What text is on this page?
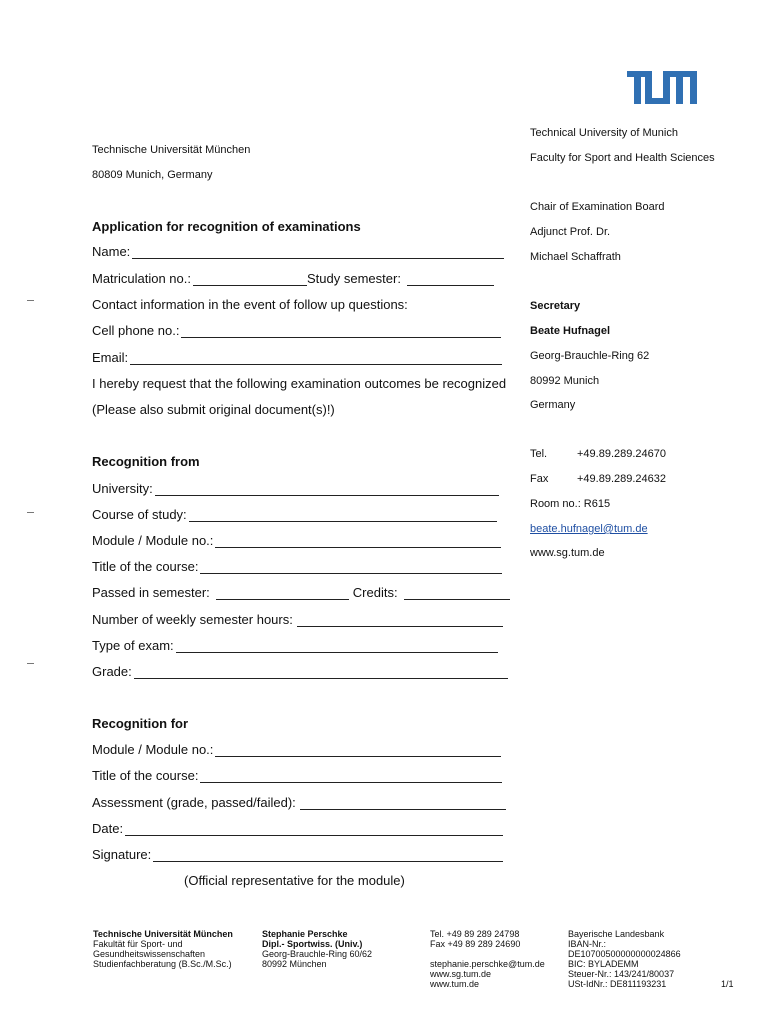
Technische Universität München
80809 Munich, Germany
Technical University of Munich
Faculty for Sport and Health Sciences
Chair of Examination Board
Adjunct Prof. Dr.
Michael Schaffrath
Secretary
Beate Hufnagel
Georg-Brauchle-Ring 62
80992 Munich
Germany
Tel.	+49.89.289.24670
Fax	+49.89.289.24632
Room no.: R615
beate.hufnagel@tum.de
www.sg.tum.de
Application for recognition of examinations
Name:
Matriculation no.:	Study semester:
Contact information in the event of follow up questions:
Cell phone no.:
Email:
I hereby request that the following examination outcomes be recognized
(Please also submit original document(s)!)
Recognition from
University:
Course of study:
Module / Module no.:
Title of the course:
Passed in semester:	Credits:
Number of weekly semester hours:
Type of exam:
Grade:
Recognition for
Module / Module no.:
Title of the course:
Assessment (grade, passed/failed):
Date:
Signature:
(Official representative for the module)
Technische Universität München
Fakultät für Sport- und
Gesundheitswissenschaften
Studienfachberatung (B.Sc./M.Sc.)
Stephanie Perschke
Dipl.- Sportwiss. (Univ.)
Georg-Brauchle-Ring 60/62
80992 München
Tel. +49 89 289 24798
Fax +49 89 289 24690
stephanie.perschke@tum.de
www.sg.tum.de
www.tum.de
Bayerische Landesbank
IBAN-Nr.:
DE10700500000000024866
BIC: BYLADEMM
Steuer-Nr.: 143/241/80037
USt-IdNr.: DE811193231	1/1
